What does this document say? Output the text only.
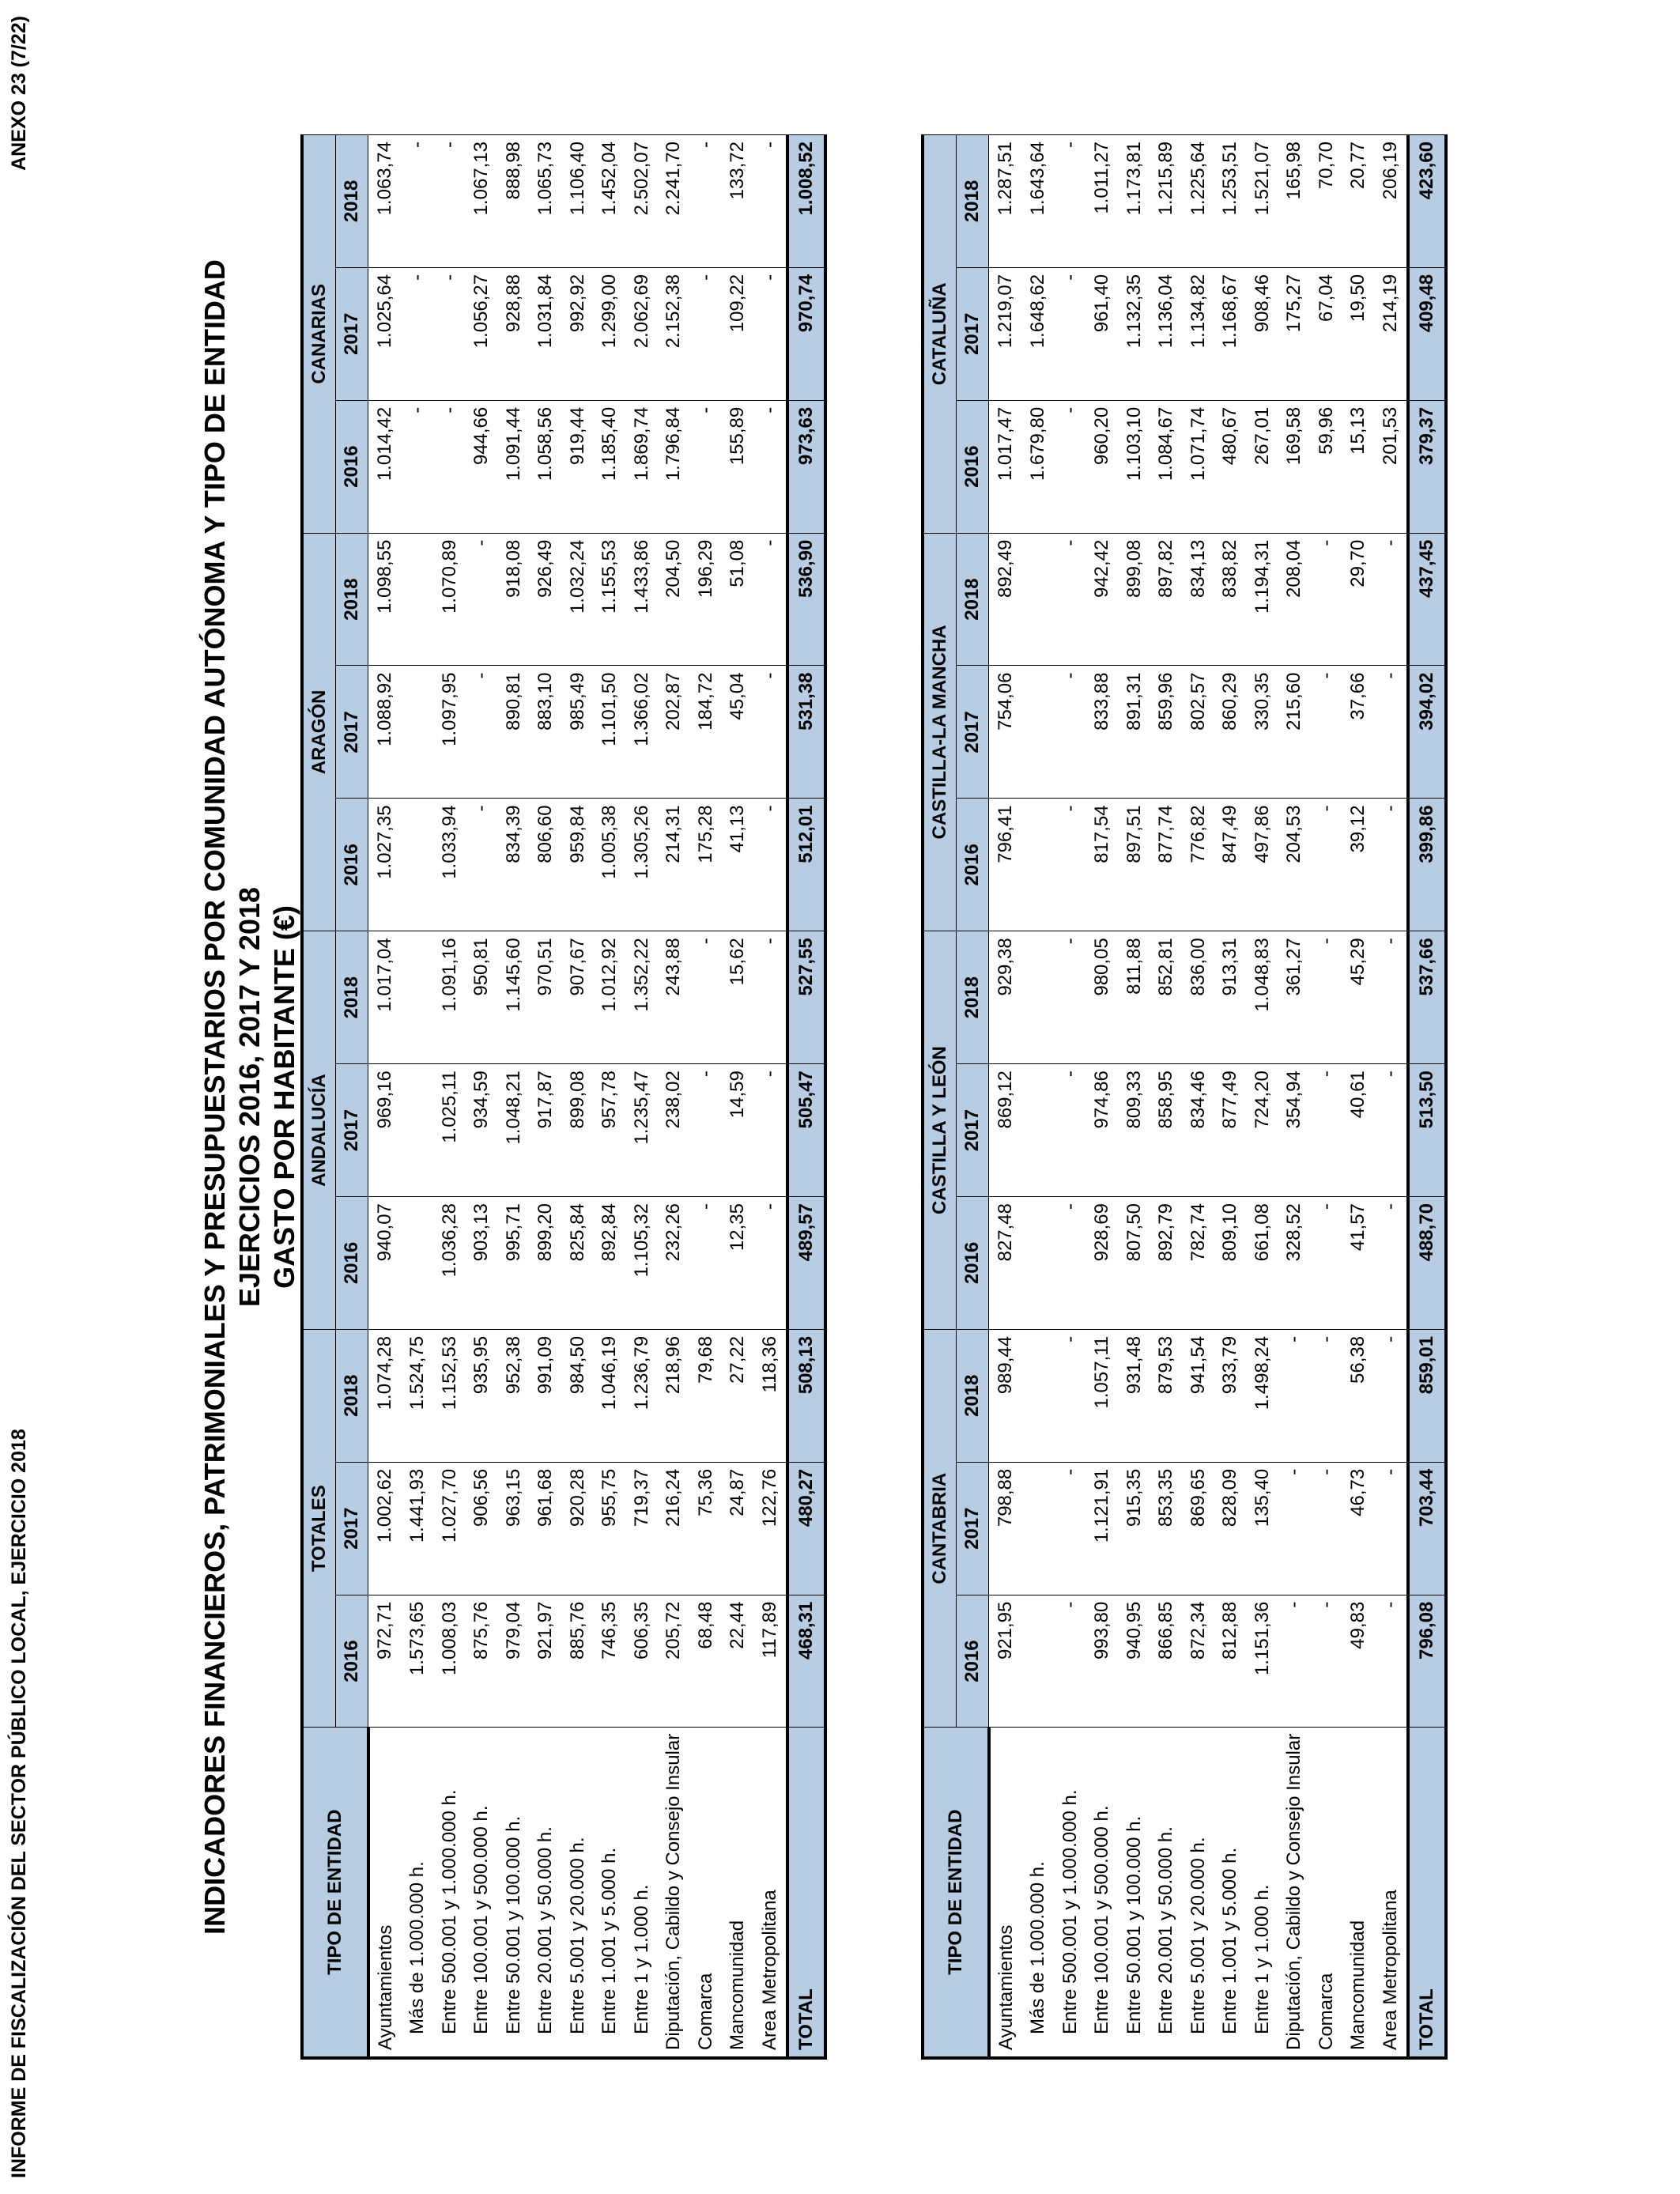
INFORME DE FISCALIZACIÓN DEL SECTOR PÚBLICO LOCAL, EJERCICIO 2018
ANEXO 23 (7/22)
INDICADORES FINANCIEROS, PATRIMONIALES Y PRESUPUESTARIOS POR COMUNIDAD AUTÓNOMA Y TIPO DE ENTIDAD EJERCICIOS 2016, 2017 Y 2018 GASTO POR HABITANTE (€)
TIPO DE ENTIDAD	TOTALES			ANDALUCÍA			ARAGÓN			CANARIAS		
	2016	2017	2018	2016	2017	2018	2016	2017	2018	2016	2017	2018
Ayuntamientos	972,71	1.002,62	1.074,28	940,07	969,16	1.017,04	1.027,35	1.088,92	1.098,55	1.014,42	1.025,64	1.063,74
Más de 1.000.000 h.	1.573,65	1.441,93	1.524,75							-	-	-
Entre 500.001 y 1.000.000 h.	1.008,03	1.027,70	1.152,53	1.036,28	1.025,11	1.091,16	1.033,94	1.097,95	1.070,89	-	-	-
Entre 100.001 y 500.000 h.	875,76	906,56	935,95	903,13	934,59	950,81	-	-	-	944,66	1.056,27	1.067,13
Entre 50.001 y 100.000 h.	979,04	963,15	952,38	995,71	1.048,21	1.145,60	834,39	890,81	918,08	1.091,44	928,88	888,98
Entre 20.001 y 50.000 h.	921,97	961,68	991,09	899,20	917,87	970,51	806,60	883,10	926,49	1.058,56	1.031,84	1.065,73
Entre 5.001 y 20.000 h.	885,76	920,28	984,50	825,84	899,08	907,67	959,84	985,49	1.032,24	919,44	992,92	1.106,40
Entre 1.001 y 5.000 h.	746,35	955,75	1.046,19	892,84	957,78	1.012,92	1.005,38	1.101,50	1.155,53	1.185,40	1.299,00	1.452,04
Entre 1 y 1.000 h.	606,35	719,37	1.236,79	1.105,32	1.235,47	1.352,22	1.305,26	1.366,02	1.433,86	1.869,74	2.062,69	2.502,07
Diputación, Cabildo y Consejo Insular	205,72	216,24	218,96	232,26	238,02	243,88	214,31	202,87	204,50	1.796,84	2.152,38	2.241,70
Comarca	68,48	75,36	79,68	-	-	-	175,28	184,72	196,29	-	-	-
Mancomunidad	22,44	24,87	27,22	12,35	14,59	15,62	41,13	45,04	51,08	155,89	109,22	133,72
Area Metropolitana	117,89	122,76	118,36	-	-	-	-	-	-	-	-	-
TOTAL	468,31	480,27	508,13	489,57	505,47	527,55	512,01	531,38	536,90	973,63	970,74	1.008,52
TIPO DE ENTIDAD	CANTABRIA			CASTILLA Y LEÓN			CASTILLA-LA MANCHA			CATALUÑA		
	2016	2017	2018	2016	2017	2018	2016	2017	2018	2016	2017	2018
Ayuntamientos	921,95	798,88	989,44	827,48	869,12	929,38	796,41	754,06	892,49	1.017,47	1.219,07	1.287,51
Más de 1.000.000 h.										1.679,80	1.648,62	1.643,64
Entre 500.001 y 1.000.000 h.	-	-	-	-	-	-	-	-	-	-	-	-
Entre 100.001 y 500.000 h.	993,80	1.121,91	1.057,11	928,69	974,86	980,05	817,54	833,88	942,42	960,20	961,40	1.011,27
Entre 50.001 y 100.000 h.	940,95	915,35	931,48	807,50	809,33	811,88	897,51	891,31	899,08	1.103,10	1.132,35	1.173,81
Entre 20.001 y 50.000 h.	866,85	853,35	879,53	892,79	858,95	852,81	877,74	859,96	897,82	1.084,67	1.136,04	1.215,89
Entre 5.001 y 20.000 h.	872,34	869,65	941,54	782,74	834,46	836,00	776,82	802,57	834,13	1.071,74	1.134,82	1.225,64
Entre 1.001 y 5.000 h.	812,88	828,09	933,79	809,10	877,49	913,31	847,49	860,29	838,82	480,67	1.168,67	1.253,51
Entre 1 y 1.000 h.	1.151,36	135,40	1.498,24	661,08	724,20	1.048,83	497,86	330,35	1.194,31	267,01	908,46	1.521,07
Diputación, Cabildo y Consejo Insular	-	-	-	328,52	354,94	361,27	204,53	215,60	208,04	169,58	175,27	165,98
Comarca	-	-	-	-	-	-	-	-	-	59,96	67,04	70,70
Mancomunidad	49,83	46,73	56,38	41,57	40,61	45,29	39,12	37,66	29,70	15,13	19,50	20,77
Area Metropolitana	-	-	-	-	-	-	-	-	-	201,53	214,19	206,19
TOTAL	796,08	703,44	859,01	488,70	513,50	537,66	399,86	394,02	437,45	379,37	409,48	423,60
